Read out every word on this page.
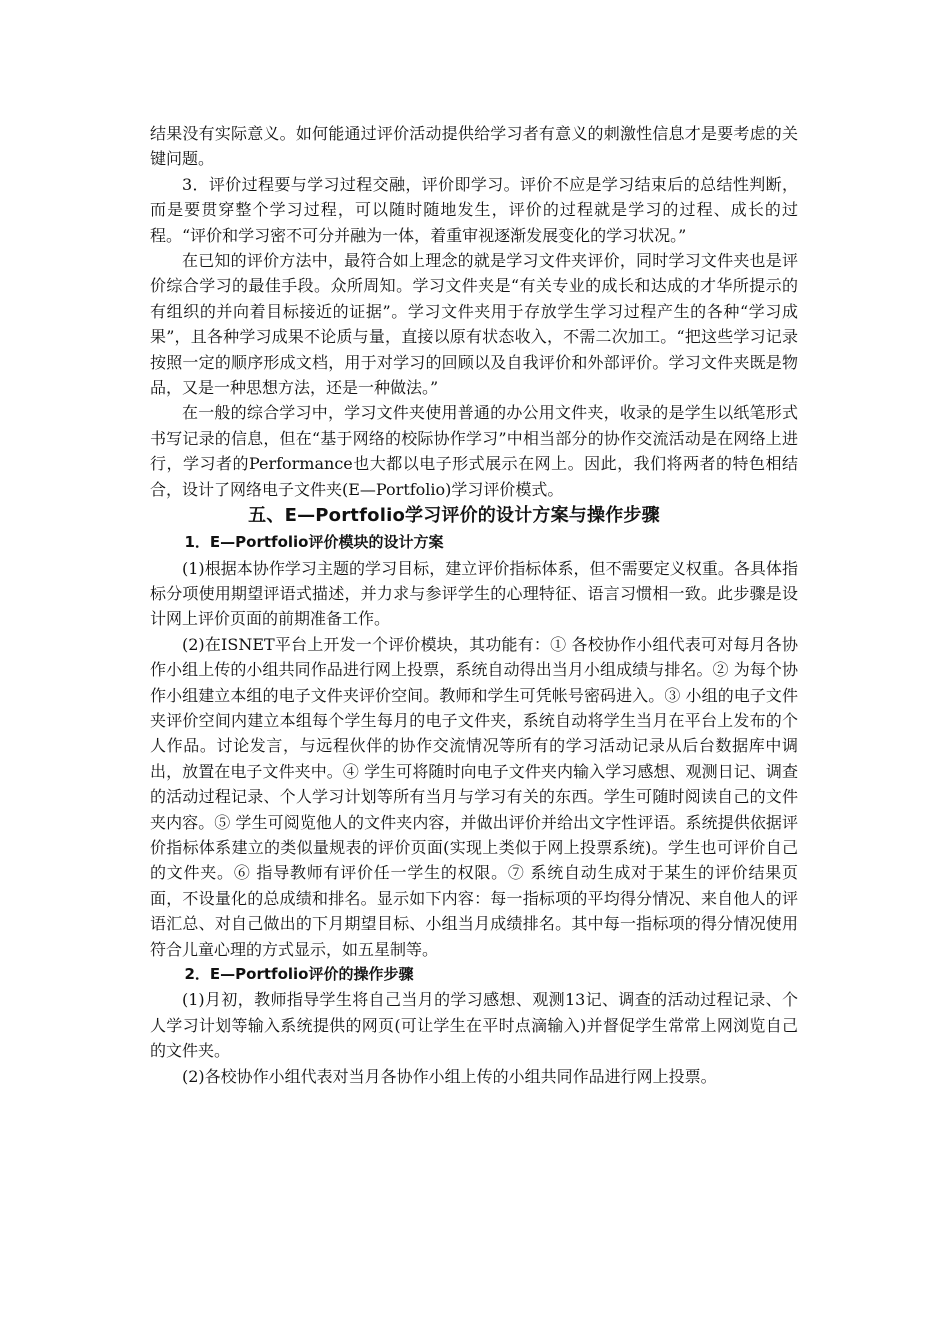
结果没有实际意义。如何能通过评价活动提供给学习者有意义的刺激性信息才是要考虑的关键问题。

3．评价过程要与学习过程交融，评价即学习。评价不应是学习结束后的总结性判断，而是要贯穿整个学习过程，可以随时随地发生，评价的过程就是学习的过程、成长的过程。“评价和学习密不可分并融为一体，着重审视逐渐发展变化的学习状况。”

在已知的评价方法中，最符合如上理念的就是学习文件夹评价，同时学习文件夹也是评价综合学习的最佳手段。众所周知。学习文件夹是“有关专业的成长和达成的才华所提示的有组织的并向着目标接近的证据”。学习文件夹用于存放学生学习过程产生的各种“学习成果”，且各种学习成果不论质与量，直接以原有状态收入，不需二次加工。“把这些学习记录按照一定的顺序形成文档，用于对学习的回顾以及自我评价和外部评价。学习文件夹既是物品，又是一种思想方法，还是一种做法。”

在一般的综合学习中，学习文件夹使用普通的办公用文件夹，收录的是学生以纸笔形式书写记录的信息，但在“基于网络的校际协作学习”中相当部分的协作交流活动是在网络上进行，学习者的Performance也大都以电子形式展示在网上。因此，我们将两者的特色相结合，设计了网络电子文件夹(E—Portfolio)学习评价模式。

五、E—Portfolio学习评价的设计方案与操作步骤
1．E—Portfolio评价模块的设计方案

(1)根据本协作学习主题的学习目标，建立评价指标体系，但不需要定义权重。各具体指标分项使用期望评语式描述，并力求与参评学生的心理特征、语言习惯相一致。此步骤是设计网上评价页面的前期准备工作。

(2)在ISNET平台上开发一个评价模块，其功能有：① 各校协作小组代表可对每月各协作小组上传的小组共同作品进行网上投票，系统自动得出当月小组成绩与排名。② 为每个协作小组建立本组的电子文件夹评价空间。教师和学生可凭帐号密码进入。③ 小组的电子文件夹评价空间内建立本组每个学生每月的电子文件夹，系统自动将学生当月在平台上发布的个人作品。讨论发言，与远程伙伴的协作交流情况等所有的学习活动记录从后台数据库中调出，放置在电子文件夹中。④ 学生可将随时向电子文件夹内输入学习感想、观测日记、调查的活动过程记录、个人学习计划等所有当月与学习有关的东西。学生可随时阅读自己的文件夹内容。⑤ 学生可阅览他人的文件夹内容，并做出评价并给出文字性评语。系统提供依据评价指标体系建立的类似量规表的评价页面(实现上类似于网上投票系统)。学生也可评价自己的文件夹。⑥ 指导教师有评价任一学生的权限。⑦ 系统自动生成对于某生的评价结果页面，不设量化的总成绩和排名。显示如下内容：每一指标项的平均得分情况、来自他人的评语汇总、对自己做出的下月期望目标、小组当月成绩排名。其中每一指标项的得分情况使用符合儿童心理的方式显示，如五星制等。

2．E—Portfolio评价的操作步骤

(1)月初，教师指导学生将自己当月的学习感想、观测13记、调查的活动过程记录、个人学习计划等输入系统提供的网页(可让学生在平时点滴输入)并督促学生常常上网浏览自己的文件夹。

(2)各校协作小组代表对当月各协作小组上传的小组共同作品进行网上投票。
